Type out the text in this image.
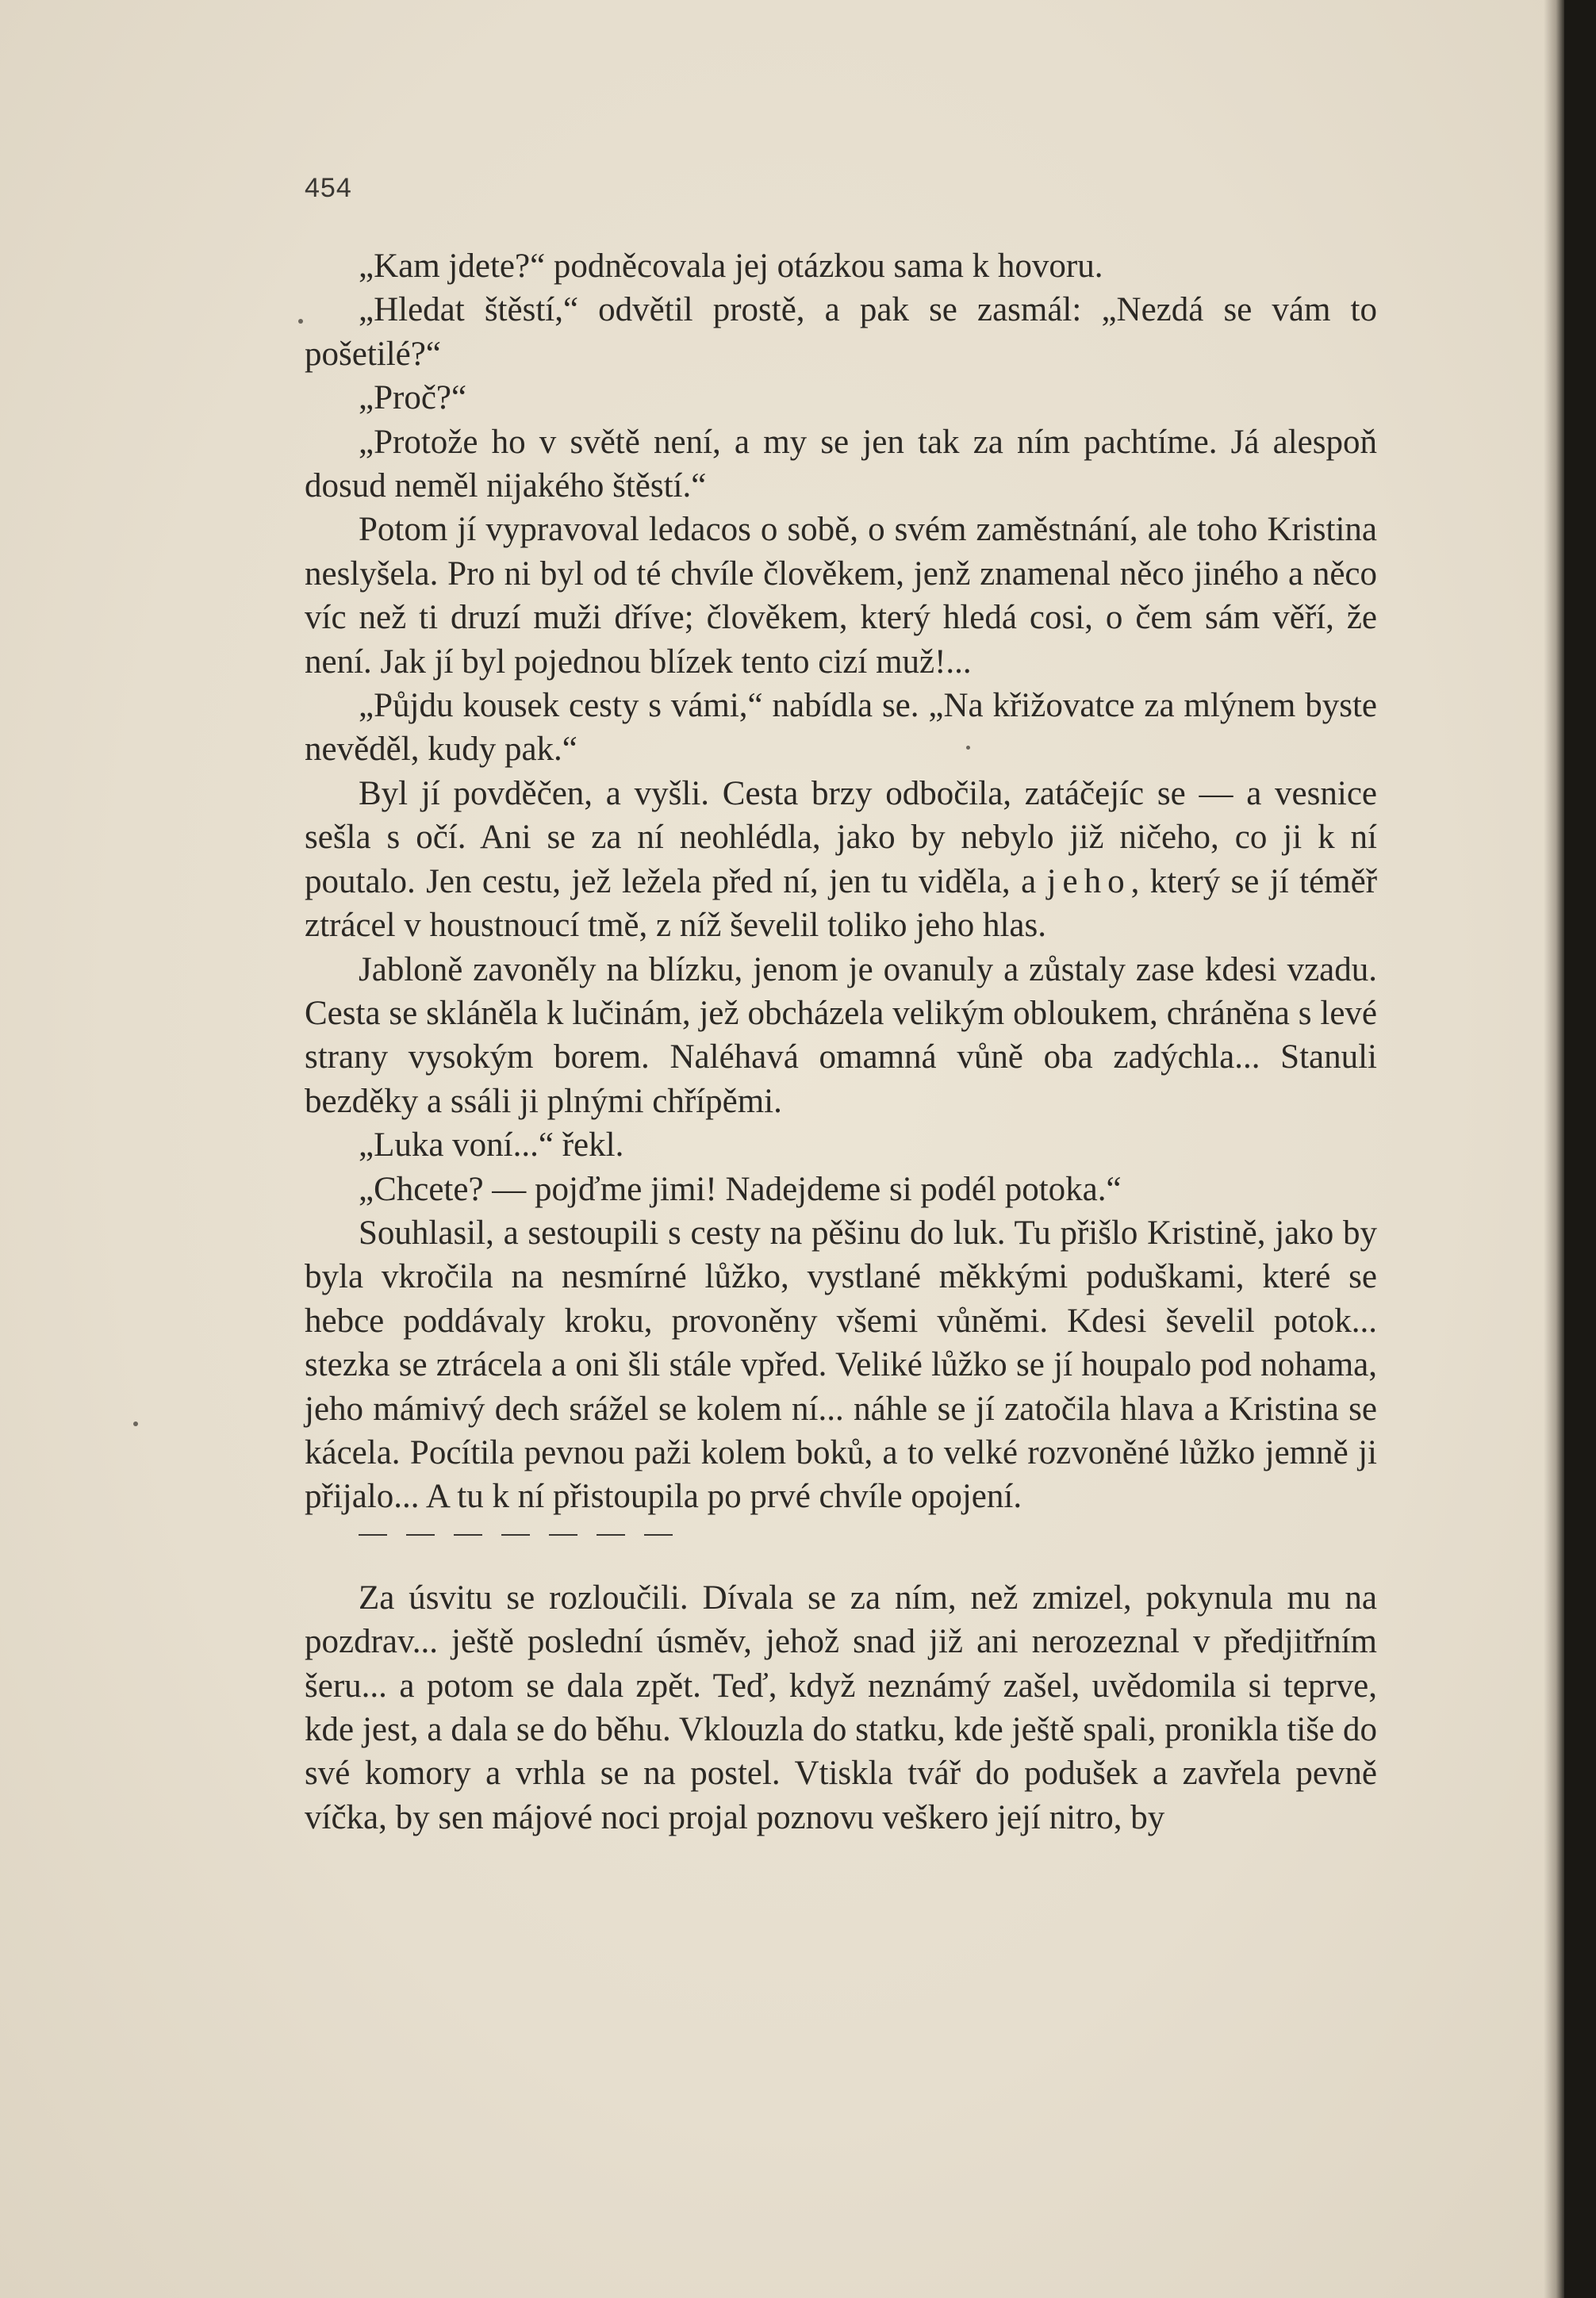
454

„Kam jdete?“ podněcovala jej otázkou sama k hovoru.

„Hledat štěstí,“ odvětil prostě, a pak se zasmál: „Nezdá se vám to pošetilé?“

„Proč?“

„Protože ho v světě není, a my se jen tak za ním pachtíme. Já alespoň dosud neměl nijakého štěstí.“

Potom jí vypravoval ledacos o sobě, o svém zaměstnání, ale toho Kristina neslyšela. Pro ni byl od té chvíle člověkem, jenž znamenal něco jiného a něco víc než ti druzí muži dříve; člověkem, který hledá cosi, o čem sám věří, že není. Jak jí byl pojednou blízek tento cizí muž!...

„Půjdu kousek cesty s vámi,“ nabídla se. „Na křižovatce za mlýnem byste nevěděl, kudy pak.“

Byl jí povděčen, a vyšli. Cesta brzy odbočila, zatáčejíc se — a vesnice sešla s očí. Ani se za ní neohlédla, jako by nebylo již ničeho, co ji k ní poutalo. Jen cestu, jež ležela před ní, jen tu viděla, a jeho, který se jí téměř ztrácel v houstnoucí tmě, z níž ševelil toliko jeho hlas.

Jabloně zavoněly na blízku, jenom je ovanuly a zůstaly zase kdesi vzadu. Cesta se skláněla k lučinám, jež obcházela velikým obloukem, chráněna s levé strany vysokým borem. Naléhavá omamná vůně oba zadýchla... Stanuli bezděky a ssáli ji plnými chřípěmi.

„Luka voní...“ řekl.

„Chcete? — pojďme jimi! Nadejdeme si podél potoka.“

Souhlasil, a sestoupili s cesty na pěšinu do luk. Tu přišlo Kristině, jako by byla vkročila na nesmírné lůžko, vystlané měkkými poduškami, které se hebce poddávaly kroku, provoněny všemi vůněmi. Kdesi ševelil potok... stezka se ztrácela a oni šli stále vpřed. Veliké lůžko se jí houpalo pod nohama, jeho mámivý dech srážel se kolem ní... náhle se jí zatočila hlava a Kristina se kácela. Pocítila pevnou paži kolem boků, a to velké rozvoněné lůžko jemně ji přijalo... A tu k ní přistoupila po prvé chvíle opojení.

Za úsvitu se rozloučili. Dívala se za ním, než zmizel, pokynula mu na pozdrav... ještě poslední úsměv, jehož snad již ani nerozeznal v předjitřním šeru... a potom se dala zpět. Teď, když neznámý zašel, uvědomila si teprve, kde jest, a dala se do běhu. Vklouzla do statku, kde ještě spali, pronikla tiše do své komory a vrhla se na postel. Vtiskla tvář do podušek a zavřela pevně víčka, by sen májové noci projal poznovu veškero její nitro, by
